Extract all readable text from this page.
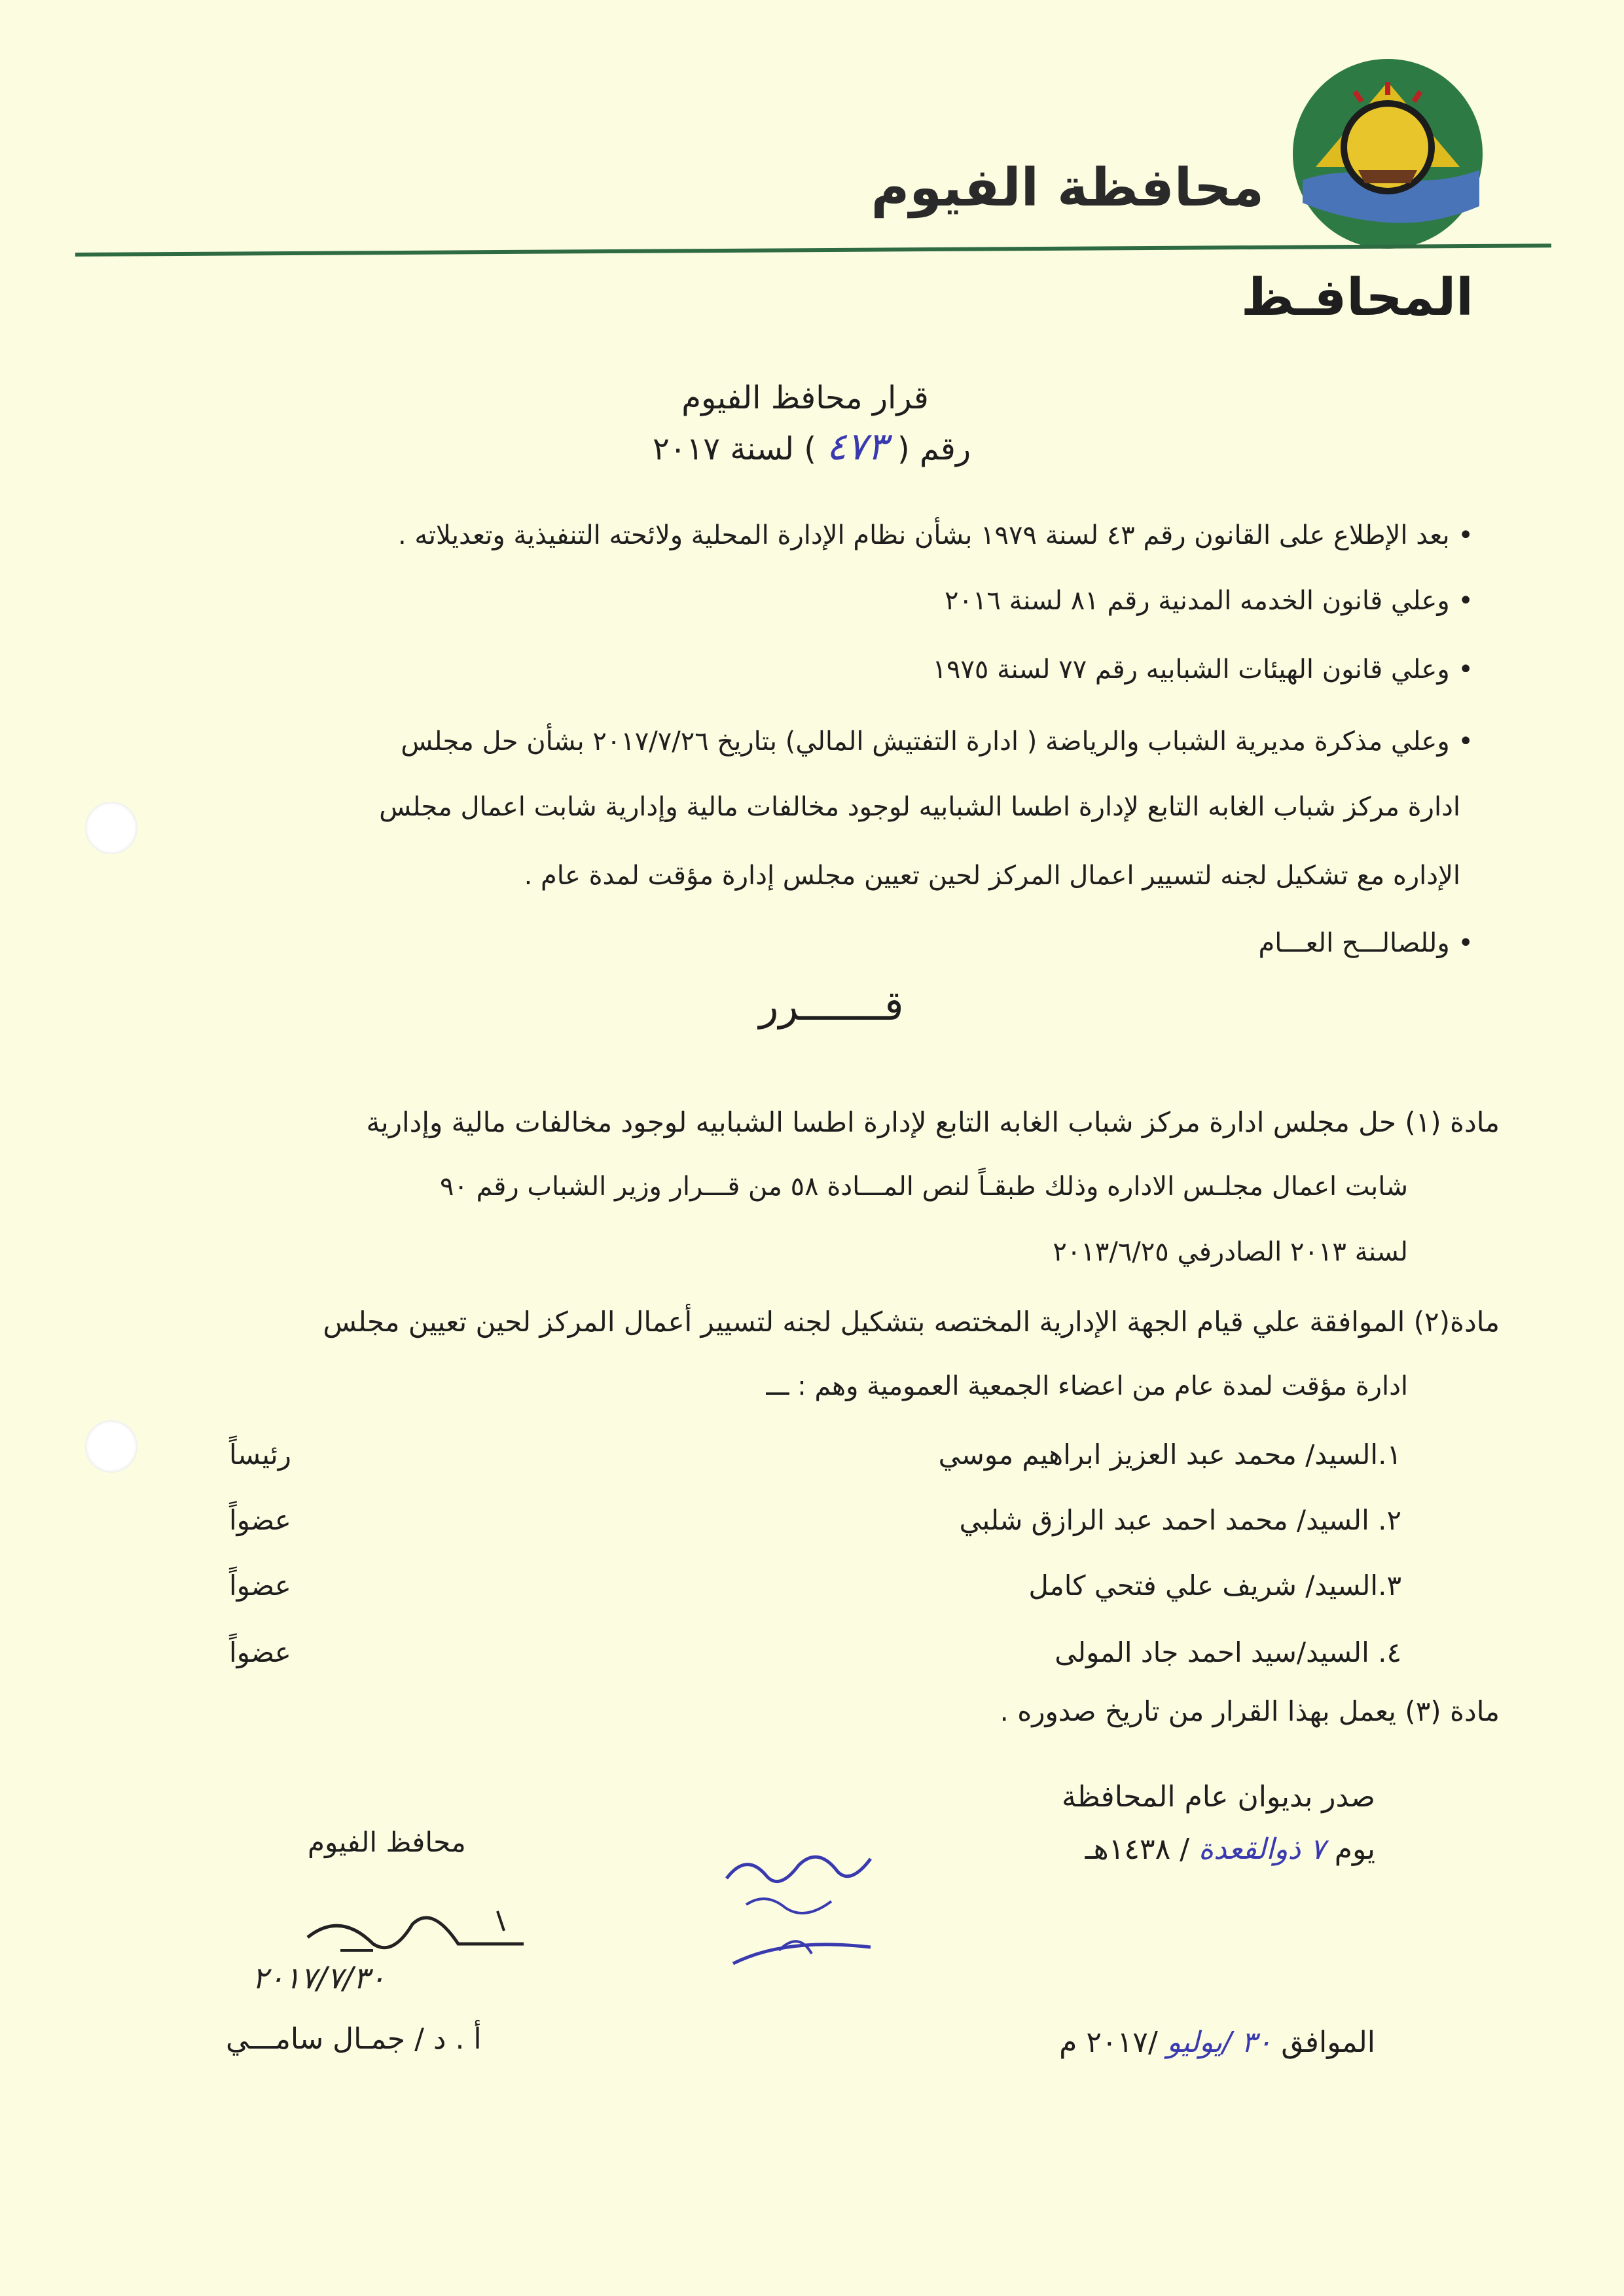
محافظة الفيوم
المحافـظ
قرار محافظ الفيوم
رقم ( ٤٧٣ ) لسنة ٢٠١٧
• بعد الإطلاع على القانون رقم ٤٣ لسنة ١٩٧٩ بشأن نظام الإدارة المحلية ولائحته التنفيذية وتعديلاته .
• وعلي قانون الخدمه المدنية رقم ٨١ لسنة ٢٠١٦
• وعلي قانون الهيئات الشبابيه رقم ٧٧ لسنة ١٩٧٥
• وعلي مذكرة مديرية الشباب والرياضة ( ادارة التفتيش المالي) بتاريخ ٢٠١٧/٧/٢٦ بشأن حل مجلس
ادارة مركز شباب الغابه التابع لإدارة اطسا الشبابيه لوجود مخالفات مالية وإدارية شابت اعمال مجلس
الإداره مع تشكيل لجنه لتسيير اعمال المركز لحين تعيين مجلس إدارة مؤقت لمدة عام .
• وللصالـــح العـــام
قـــــــرر
مادة (١) حل مجلس ادارة مركز شباب الغابه التابع لإدارة اطسا الشبابيه لوجود مخالفات مالية وإدارية
شابت اعمال مجلـس الاداره وذلك طبقـاً لنص المـــادة ٥٨ من قـــرار وزير الشباب رقم ٩٠
لسنة ٢٠١٣ الصادرفي ٢٠١٣/٦/٢٥
مادة(٢) الموافقة علي قيام الجهة الإدارية المختصه بتشكيل لجنه لتسيير أعمال المركز لحين تعيين مجلس
ادارة مؤقت لمدة عام من اعضاء الجمعية العمومية وهم : ـــ
١.السيد/ محمد عبد العزيز ابراهيم موسي
رئيساً
٢. السيد/ محمد احمد عبد الرازق شلبي
عضواً
٣.السيد/ شريف علي فتحي كامل
عضواً
٤. السيد/سيد احمد جاد المولى
عضواً
مادة (٣) يعمل بهذا القرار من تاريخ صدوره .
صدر بديوان عام المحافظة
يوم ٧ ذوالقعدة / ١٤٣٨هـ
الموافق ٣٠ /يوليو /٢٠١٧ م
محافظ الفيوم
٢٠١٧/٧/٣٠
أ . د / جمـال سامـــي
